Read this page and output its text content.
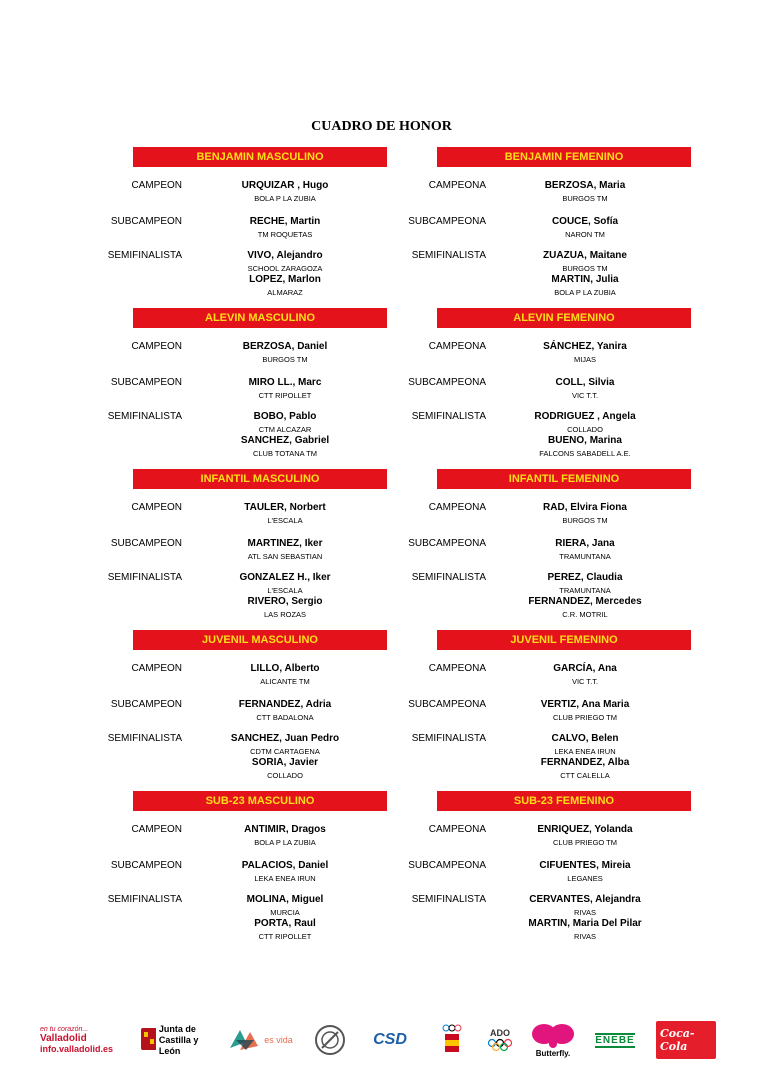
CUADRO DE HONOR
BENJAMIN MASCULINO
CAMPEON	URQUIZAR , Hugo
BOLA P LA ZUBIA
SUBCAMPEON	RECHE, Martin
TM ROQUETAS
SEMIFINALISTA	VIVO, Alejandro
SCHOOL ZARAGOZA
LOPEZ, Marlon
ALMARAZ
BENJAMIN FEMENINO
CAMPEONA	BERZOSA, Maria
BURGOS TM
SUBCAMPEONA	COUCE, Sofía
NARON TM
SEMIFINALISTA	ZUAZUA, Maitane
BURGOS TM
MARTIN, Julia
BOLA P LA ZUBIA
ALEVIN MASCULINO
CAMPEON	BERZOSA, Daniel
BURGOS TM
SUBCAMPEON	MIRO LL., Marc
CTT RIPOLLET
SEMIFINALISTA	BOBO, Pablo
CTM ALCAZAR
SANCHEZ, Gabriel
CLUB TOTANA TM
ALEVIN FEMENINO
CAMPEONA	SÁNCHEZ, Yanira
MIJAS
SUBCAMPEONA	COLL, Silvia
VIC T.T.
SEMIFINALISTA	RODRIGUEZ , Angela
COLLADO
BUENO, Marina
FALCONS SABADELL A.E.
INFANTIL MASCULINO
CAMPEON	TAULER, Norbert
L'ESCALA
SUBCAMPEON	MARTINEZ, Iker
ATL SAN SEBASTIAN
SEMIFINALISTA	GONZALEZ H., Iker
L'ESCALA
RIVERO, Sergio
LAS ROZAS
INFANTIL FEMENINO
CAMPEONA	RAD, Elvira Fiona
BURGOS TM
SUBCAMPEONA	RIERA, Jana
TRAMUNTANA
SEMIFINALISTA	PEREZ, Claudia
TRAMUNTANA
FERNANDEZ, Mercedes
C.R. MOTRIL
JUVENIL MASCULINO
CAMPEON	LILLO, Alberto
ALICANTE TM
SUBCAMPEON	FERNANDEZ, Adria
CTT BADALONA
SEMIFINALISTA	SANCHEZ, Juan Pedro
CDTM CARTAGENA
SORIA, Javier
COLLADO
JUVENIL FEMENINO
CAMPEONA	GARCÍA, Ana
VIC T.T.
SUBCAMPEONA	VERTIZ, Ana Maria
CLUB PRIEGO TM
SEMIFINALISTA	CALVO, Belen
LEKA ENEA IRUN
FERNANDEZ, Alba
CTT CALELLA
SUB-23 MASCULINO
CAMPEON	ANTIMIR, Dragos
BOLA P LA ZUBIA
SUBCAMPEON	PALACIOS, Daniel
LEKA ENEA IRUN
SEMIFINALISTA	MOLINA, Miguel
MURCIA
PORTA, Raul
CTT RIPOLLET
SUB-23 FEMENINO
CAMPEONA	ENRIQUEZ, Yolanda
CLUB PRIEGO TM
SUBCAMPEONA	CIFUENTES, Mireia
LEGANES
SEMIFINALISTA	CERVANTES, Alejandra
RIVAS
MARTIN, Maria Del Pilar
RIVAS
en tu corazón...
Valladolid
info.valladolid.es
Junta de
Castilla y León
es vida	CSD	ADO
Butterfly.
ENEBE	Coca-Cola
